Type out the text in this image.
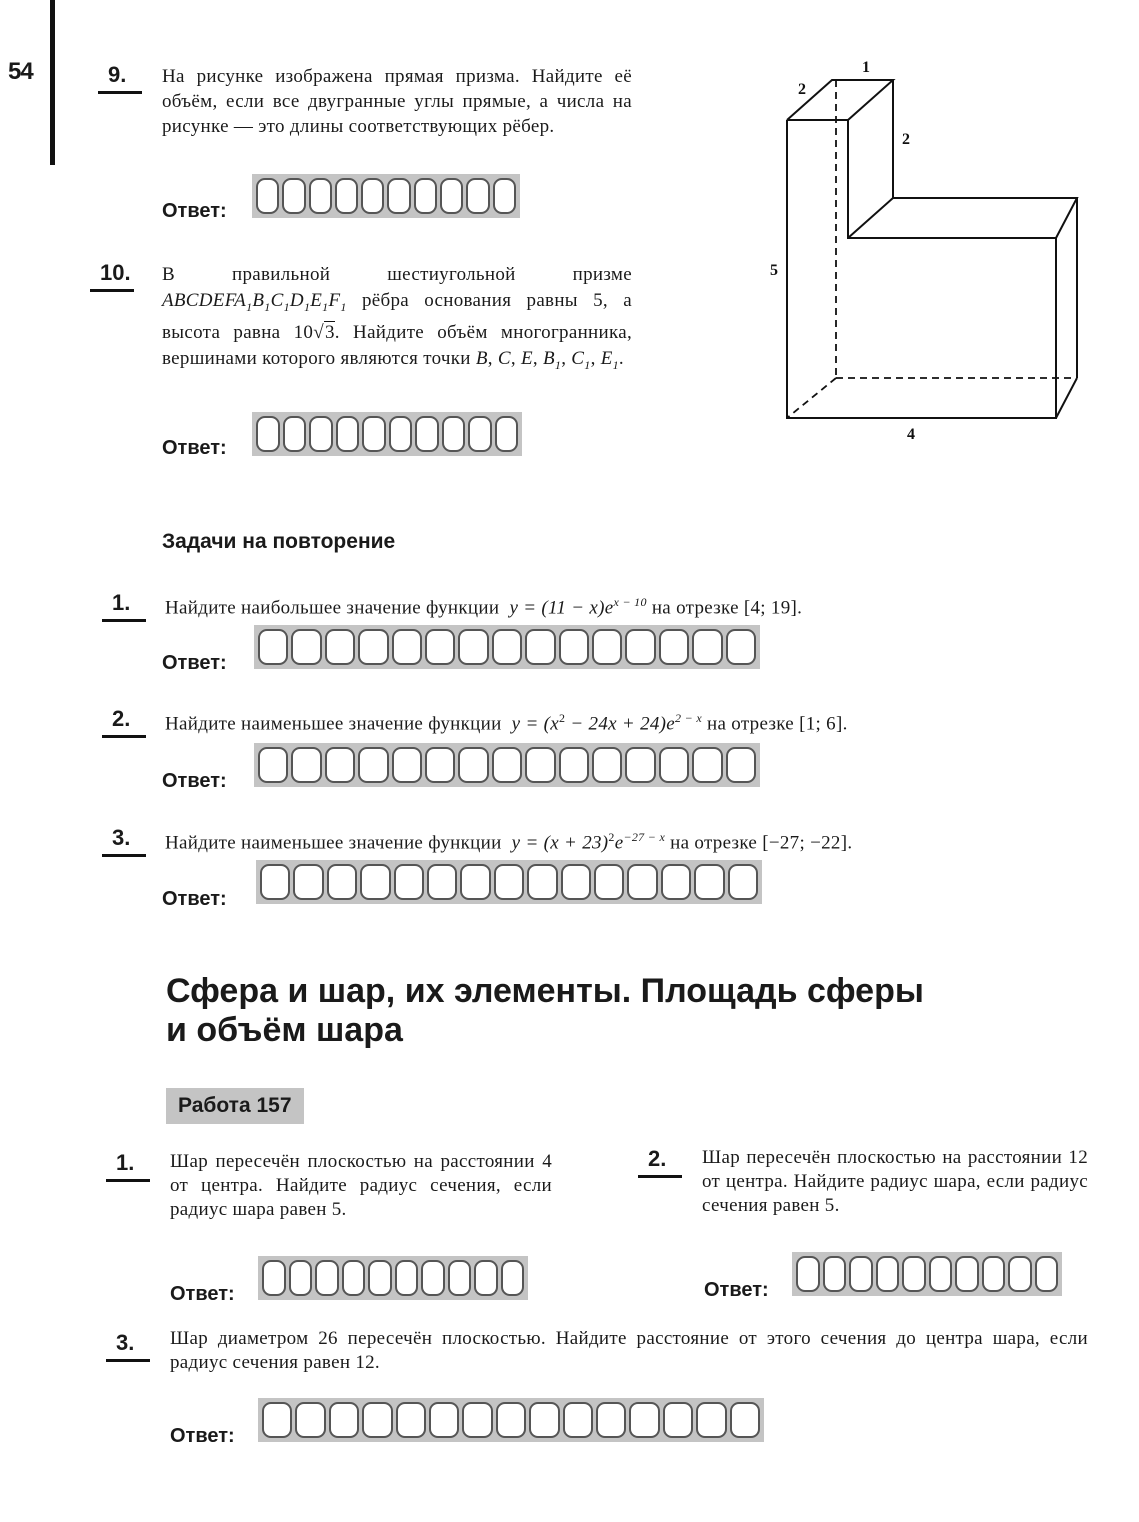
54	9. На рисунке изображена прямая призма. Найдите её объём, если все двугранные углы прямые, а числа на рисунке — это длины соответствующих рёбер.
Ответ:
10. В правильной шестиугольной призме $ABCDEFA_1B_1C_1D_1E_1F_1$ рёбра основания равны 5, а высота равна 10√3. Найдите объём многогранника, вершинами которого являются точки B, C, E, $B_1$, $C_1$, $E_1$.
Ответ:
1
2
2
5
4
Задачи на повторение
1. Найдите наибольшее значение функции $y = (11 - x)e^{x - 10}$ на отрезке [4; 19].
Ответ:
2. Найдите наименьшее значение функции $y = (x^2 - 24x + 24)e^{2 - x}$ на отрезке [1; 6].
Ответ:
3. Найдите наименьшее значение функции $y = (x + 23)^2e^{-27 - x}$ на отрезке [−27; −22].
Ответ:
Сфера и шар, их элементы. Площадь сферы
и объём шара
Работа 157
1. Шар пересечён плоскостью на расстоянии 4 от центра. Найдите радиус сечения, если радиус шара равен 5.
Ответ:
2. Шар пересечён плоскостью на расстоянии 12 от центра. Найдите радиус шара, если радиус сечения равен 5.
Ответ:
3. Шар диаметром 26 пересечён плоскостью. Найдите расстояние от этого сечения до центра шара, если радиус сечения равен 12.
Ответ:
